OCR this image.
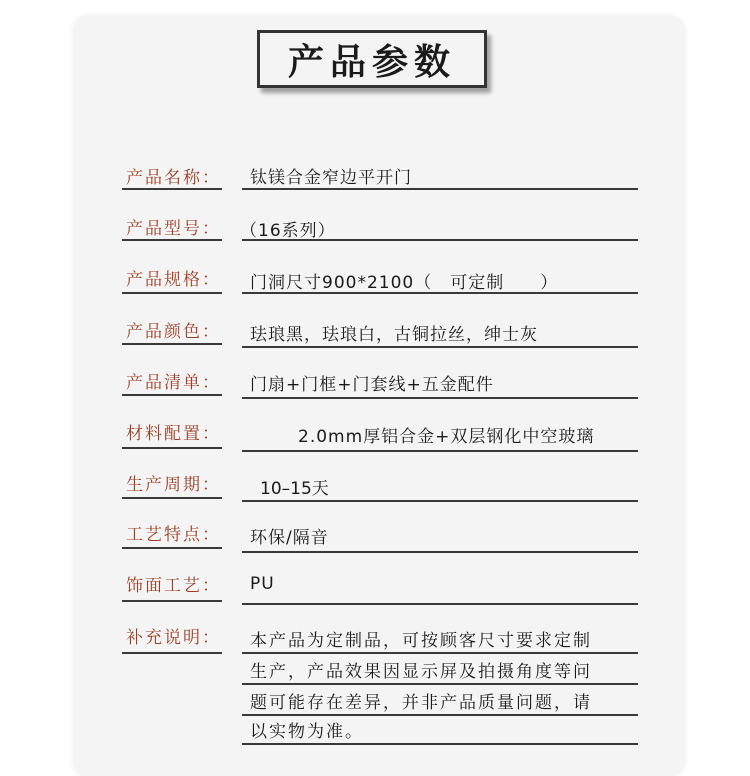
产品参数
产品名称： 钛镁合金窄边平开门
产品型号： （16系列）
产品规格： 门洞尺寸900*2100（　可定制　　）
产品颜色： 珐琅黑，珐琅白，古铜拉丝，绅士灰
产品清单： 门扇+门框+门套线+五金配件
材料配置：	2.0mm厚铝合金+双层钢化中空玻璃
生产周期： 10–15天
工艺特点： 环保/隔音
饰面工艺： PU
补充说明： 本产品为定制品，可按顾客尺寸要求定制
生产，产品效果因显示屏及拍摄角度等问
题可能存在差异，并非产品质量问题，请
以实物为准。
